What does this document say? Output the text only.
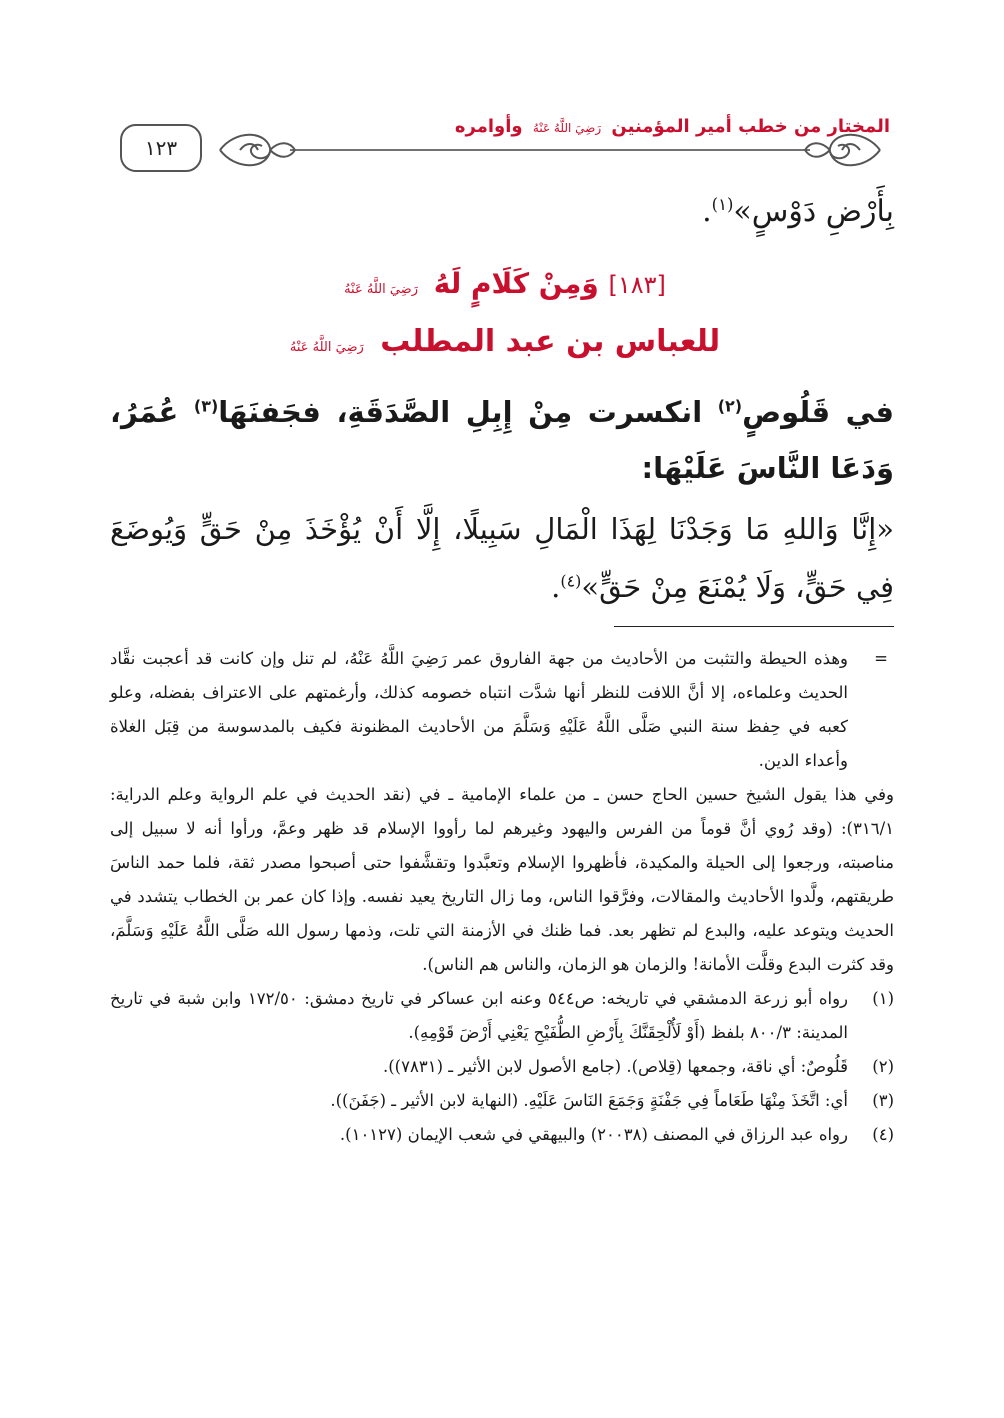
١٢٣
المختار من خطب أمير المؤمنين رَضِيَ اللَّهُ عَنْهُ وأوامره
بِأَرْضِ دَوْسٍ»$^{(١)}$.
[١٨٣] وَمِنْ كَلَامٍ لَهُ رَضِيَ اللَّهُ عَنْهُ
للعباس بن عبد المطلب رَضِيَ اللَّهُ عَنْهُ
في قَلُوصٍ$^{(٢)}$ انكسرت مِنْ إِبِلِ الصَّدَقَةِ، فجَفنَهَا$^{(٣)}$ عُمَرُ، وَدَعَا النَّاسَ عَلَيْهَا:
«إِنَّا وَاللهِ مَا وَجَدْنَا لِهَذَا الْمَالِ سَبِيلًا، إِلَّا أَنْ يُؤْخَذَ مِنْ حَقٍّ وَيُوضَعَ فِي حَقٍّ، وَلَا يُمْنَعَ مِنْ حَقٍّ»$^{(٤)}$.
=

وهذه الحيطة والتثبت من الأحاديث من جهة الفاروق عمر رَضِيَ اللَّهُ عَنْهُ، لم تنل وإن كانت قد أعجبت نقَّاد الحديث وعلماءه، إلا أنَّ اللافت للنظر أنها شدَّت انتباه خصومه كذلك، وأرغمتهم على الاعتراف بفضله، وعلو كعبه في حِفظ سنة النبي صَلَّى اللَّهُ عَلَيْهِ وَسَلَّمَ من الأحاديث المظنونة فكيف بالمدسوسة من قِبَل الغلاة وأعداء الدين.

وفي هذا يقول الشيخ حسين الحاج حسن ـ من علماء الإمامية ـ في (نقد الحديث في علم الرواية وعلم الدراية: ٣١٦/١): (وقد رُوي أنَّ قوماً من الفرس واليهود وغيرهم لما رأووا الإسلام قد ظهر وعمَّ، ورأوا أنه لا سبيل إلى مناصبته، ورجعوا إلى الحيلة والمكيدة، فأظهروا الإسلام وتعبَّدوا وتقشَّفوا حتى أصبحوا مصدر ثقة، فلما حمد الناسَ طريقتهم، ولَّدوا الأحاديث والمقالات، وفرَّقوا الناس، وما زال التاريخ يعيد نفسه. وإذا كان عمر بن الخطاب يتشدد في الحديث ويتوعد عليه، والبدع لم تظهر بعد. فما ظنك في الأزمنة التي تلت، وذمها رسول الله صَلَّى اللَّهُ عَلَيْهِ وَسَلَّمَ، وقد كثرت البدع وقلَّت الأمانة! والزمان هو الزمان، والناس هم الناس).

(١)
رواه أبو زرعة الدمشقي في تاريخه: ص٥٤٤ وعنه ابن عساكر في تاريخ دمشق: ١٧٢/٥٠ وابن شبة في تاريخ المدينة: ٨٠٠/٣ بلفظ (أَوْ لَأُلْحِقَنَّكَ بِأَرْضِ الطُّفَيْحِ يَعْنِي أَرْضَ قَوْمِهِ).

(٢)
قَلُوصٌ: أي ناقة، وجمعها (قِلاص). (جامع الأصول لابن الأثير ـ (٧٨٣١)).

(٣)
أي: اتَّخَذَ مِنْهَا طَعَاماً فِي جَفْنَةٍ وَجَمَعَ النَاسَ عَلَيْهِ. (النهاية لابن الأثير ـ (جَفَنَ)).

(٤)
رواه عبد الرزاق في المصنف (٢٠٠٣٨) والبيهقي في شعب الإيمان (١٠١٢٧).
